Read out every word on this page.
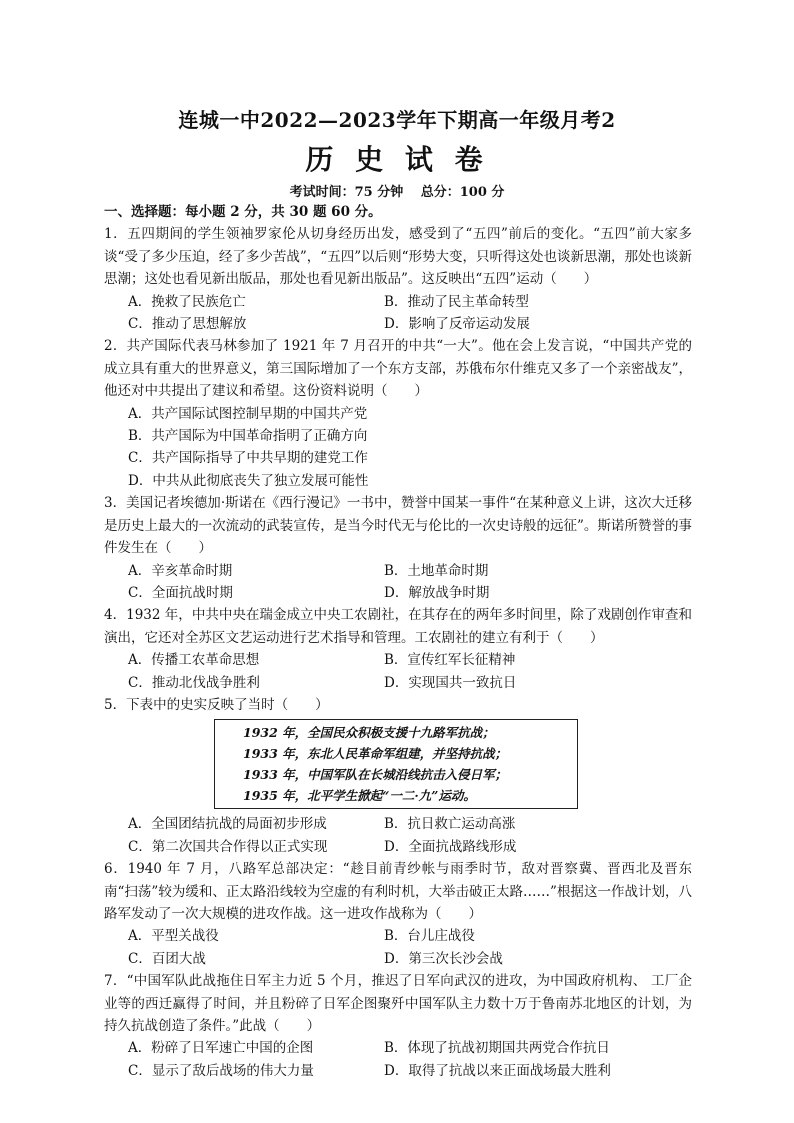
连城一中2022—2023学年下期高一年级月考2
历 史 试 卷
考试时间：75 分钟　 总分：100 分
一、选择题：每小题 2 分，共 30 题 60 分。
1．五四期间的学生领袖罗家伦从切身经历出发，感受到了“五四”前后的变化。“五四”前大家多谈“受了多少压迫，经了多少苦战”，“五四”以后则“形势大变，只听得这处也谈新思潮，那处也谈新思潮；这处也看见新出版品，那处也看见新出版品”。这反映出“五四”运动（　　）
A．挽救了民族危亡	B．推动了民主革命转型
C．推动了思想解放	D．影响了反帝运动发展
2．共产国际代表马林参加了 1921 年 7 月召开的中共“一大”。他在会上发言说，“中国共产党的成立具有重大的世界意义，第三国际增加了一个东方支部，苏俄布尔什维克又多了一个亲密战友”，他还对中共提出了建议和希望。这份资料说明（　　）
A．共产国际试图控制早期的中国共产党
B．共产国际为中国革命指明了正确方向
C．共产国际指导了中共早期的建党工作
D．中共从此彻底丧失了独立发展可能性
3．美国记者埃德加·斯诺在《西行漫记》一书中，赞誉中国某一事件“在某种意义上讲，这次大迁移是历史上最大的一次流动的武装宣传，是当今时代无与伦比的一次史诗般的远征”。斯诺所赞誉的事件发生在（　　）
A．辛亥革命时期	B．土地革命时期
C．全面抗战时期	D．解放战争时期
4．1932 年，中共中央在瑞金成立中央工农剧社，在其存在的两年多时间里，除了戏剧创作审查和演出，它还对全苏区文艺运动进行艺术指导和管理。工农剧社的建立有利于（　　）
A．传播工农革命思想	B．宣传红军长征精神
C．推动北伐战争胜利	D．实现国共一致抗日
5．下表中的史实反映了当时（　　）
1932 年，全国民众积极支援十九路军抗战；
1933 年，东北人民革命军组建，并坚持抗战；
1933 年，中国军队在长城沿线抗击入侵日军；
1935 年，北平学生掀起“一二·九”运动。
A．全国团结抗战的局面初步形成	B．抗日救亡运动高涨
C．第二次国共合作得以正式实现	D．全面抗战路线形成
6．1940 年 7 月，八路军总部决定：“趁目前青纱帐与雨季时节，敌对晋察冀、晋西北及晋东南“扫荡”较为缓和、正太路沿线较为空虚的有利时机，大举击破正太路……”根据这一作战计划，八路军发动了一次大规模的进攻作战。这一进攻作战称为（　　）
A．平型关战役	B．台儿庄战役
C．百团大战	D．第三次长沙会战
7．“中国军队此战拖住日军主力近 5 个月，推迟了日军向武汉的进攻，为中国政府机构、 工厂企业等的西迁赢得了时间，并且粉碎了日军企图聚歼中国军队主力数十万于鲁南苏北地区的计划，为持久抗战创造了条件。”此战（　　）
A．粉碎了日军速亡中国的企图	B．体现了抗战初期国共两党合作抗日
C．显示了敌后战场的伟大力量	D．取得了抗战以来正面战场最大胜利
